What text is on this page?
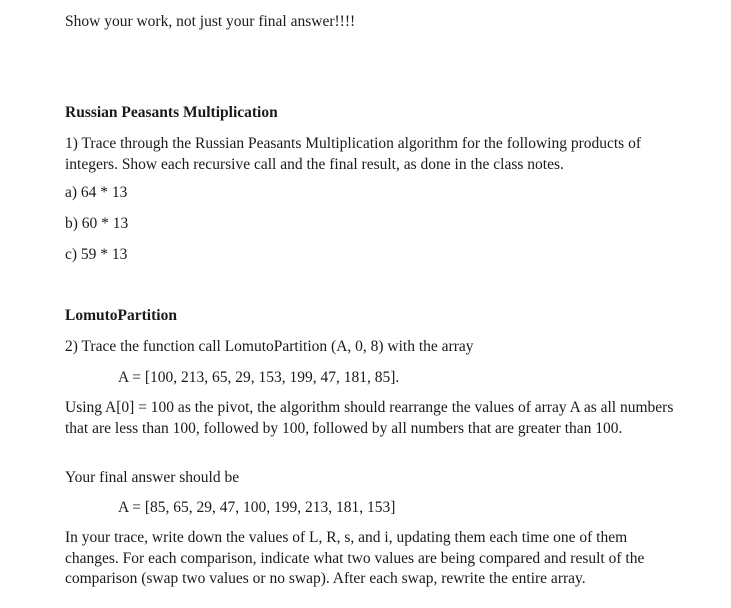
Show your work, not just your final answer!!!!

Russian Peasants Multiplication

1) Trace through the Russian Peasants Multiplication algorithm for the following products of integers. Show each recursive call and the final result, as done in the class notes.

a) 64 * 13

b) 60 * 13

c) 59 * 13

LomutoPartition

2) Trace the function call LomutoPartition (A, 0, 8) with the array

A = [100, 213, 65, 29, 153, 199, 47, 181, 85].

Using A[0] = 100 as the pivot, the algorithm should rearrange the values of array A as all numbers that are less than 100, followed by 100, followed by all numbers that are greater than 100.

Your final answer should be

A = [85, 65, 29, 47, 100, 199, 213, 181, 153]

In your trace, write down the values of L, R, s, and i, updating them each time one of them changes. For each comparison, indicate what two values are being compared and result of the comparison (swap two values or no swap). After each swap, rewrite the entire array.
